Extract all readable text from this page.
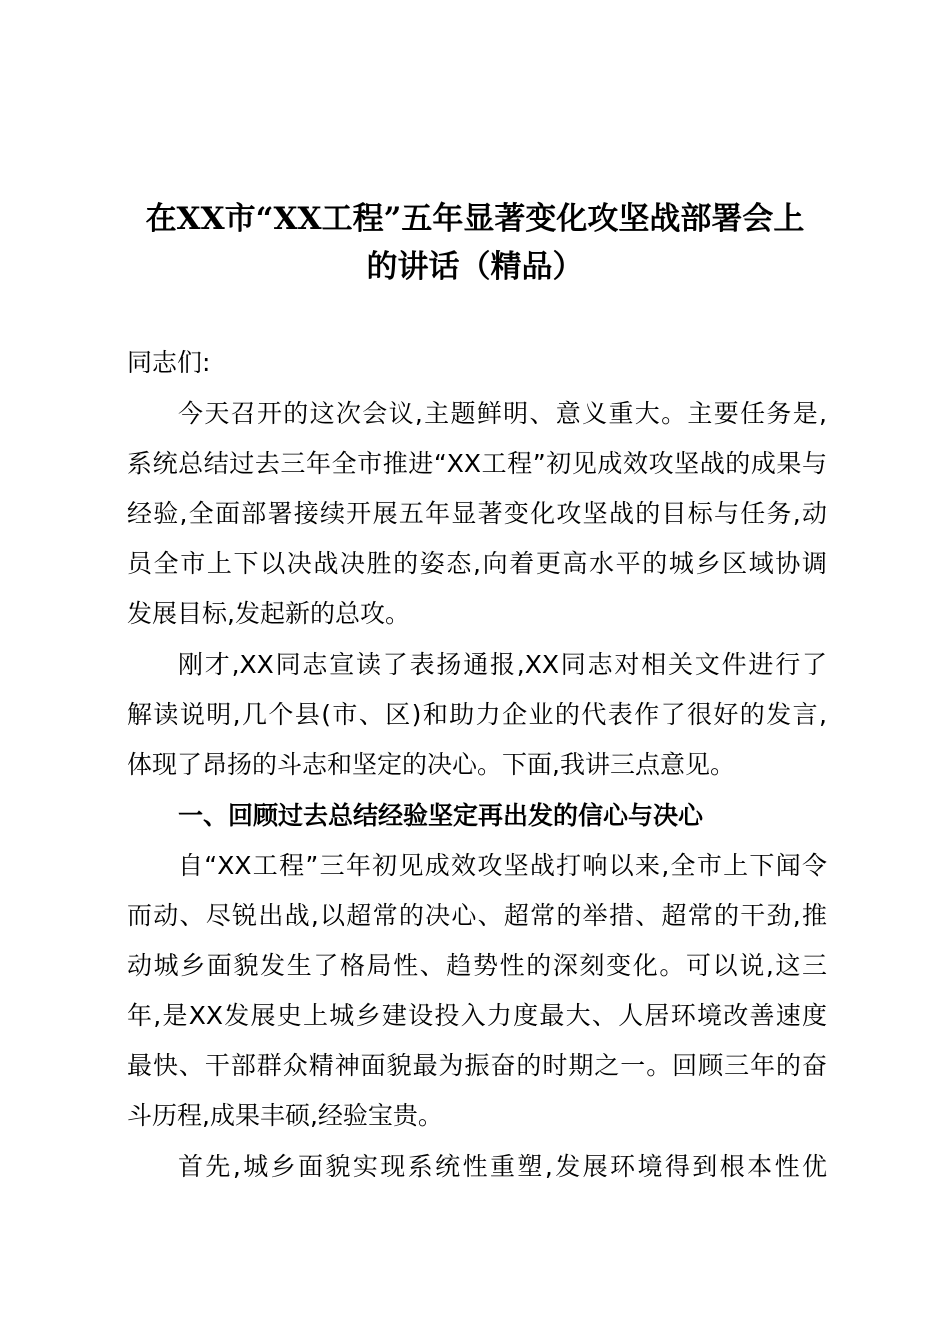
在XX市“XX工程”五年显著变化攻坚战部署会上
的讲话（精品）
同志们:
今天召开的这次会议,主题鲜明、意义重大。主要任务是,
系统总结过去三年全市推进“XX工程”初见成效攻坚战的成果与
经验,全面部署接续开展五年显著变化攻坚战的目标与任务,动
员全市上下以决战决胜的姿态,向着更高水平的城乡区域协调
发展目标,发起新的总攻。
刚才,XX同志宣读了表扬通报,XX同志对相关文件进行了
解读说明,几个县(市、区)和助力企业的代表作了很好的发言,
体现了昂扬的斗志和坚定的决心。下面,我讲三点意见。
一、回顾过去总结经验坚定再出发的信心与决心
自“XX工程”三年初见成效攻坚战打响以来,全市上下闻令
而动、尽锐出战,以超常的决心、超常的举措、超常的干劲,推
动城乡面貌发生了格局性、趋势性的深刻变化。可以说,这三
年,是XX发展史上城乡建设投入力度最大、人居环境改善速度
最快、干部群众精神面貌最为振奋的时期之一。回顾三年的奋
斗历程,成果丰硕,经验宝贵。
首先,城乡面貌实现系统性重塑,发展环境得到根本性优
